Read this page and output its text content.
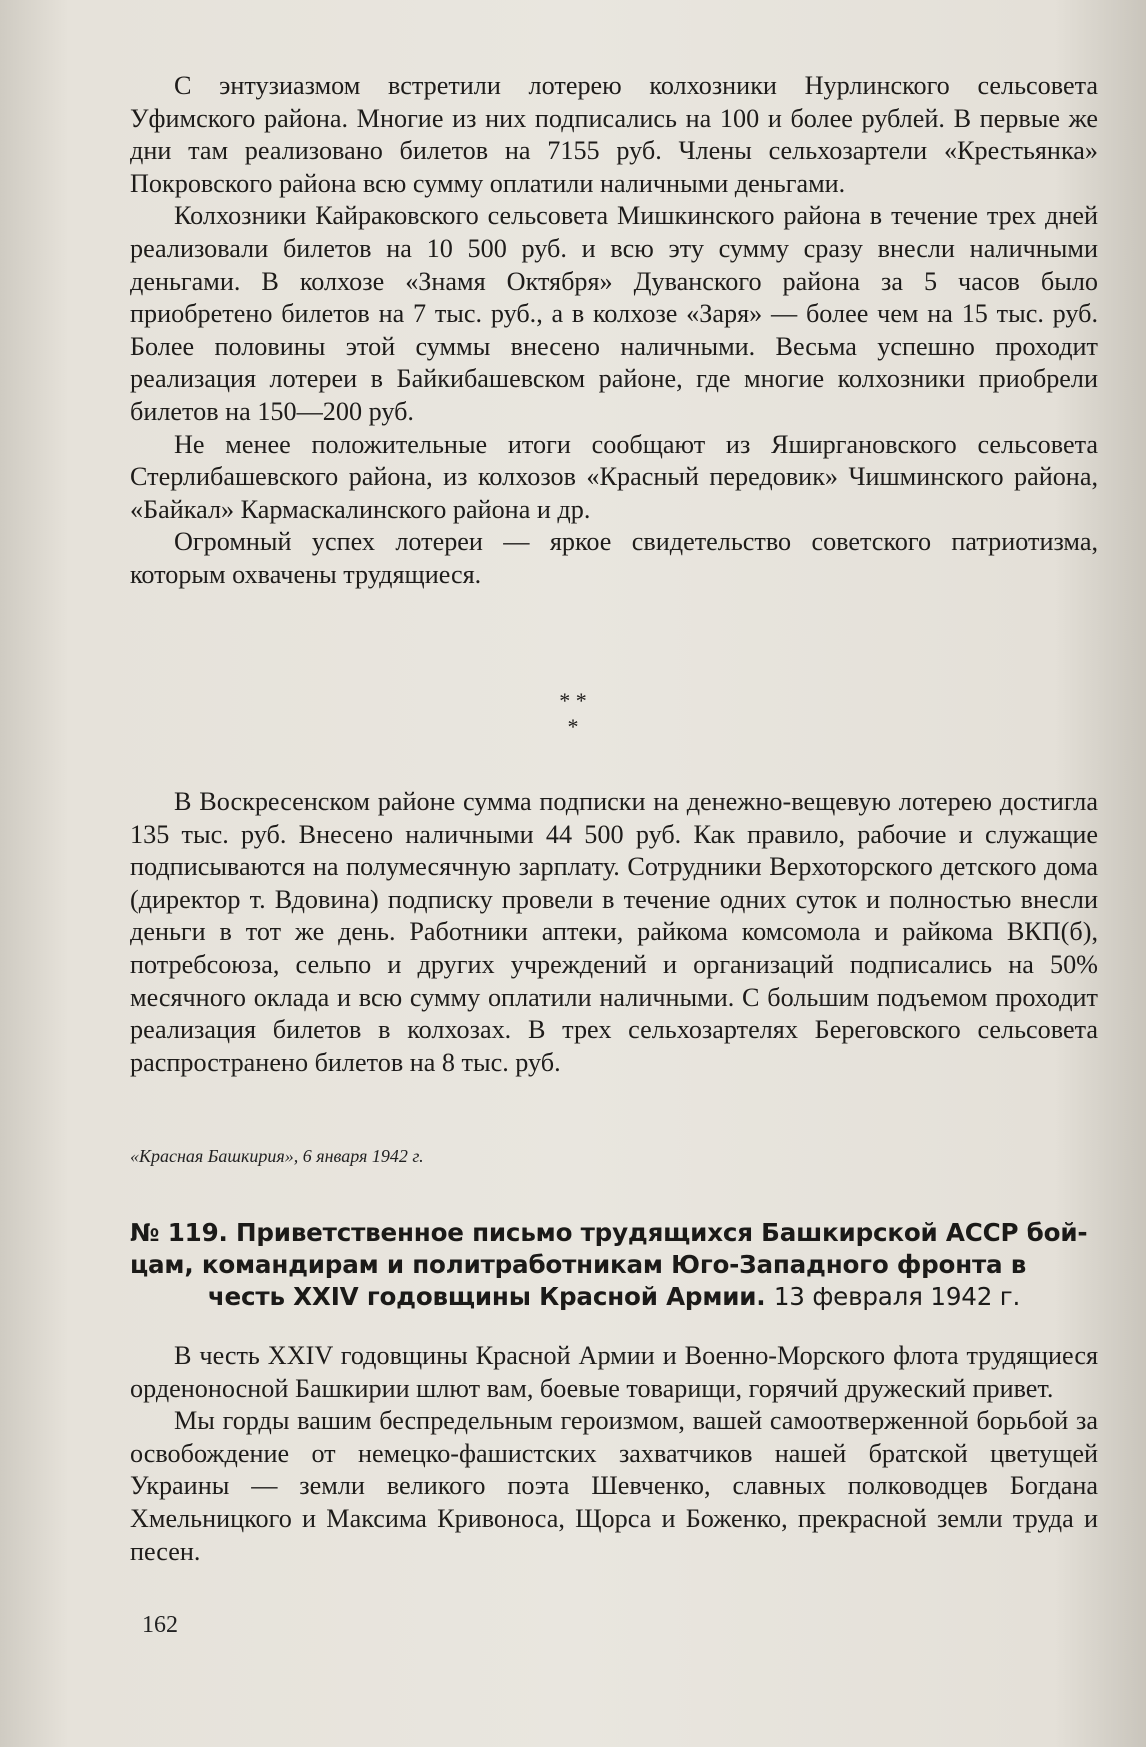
С энтузиазмом встретили лотерею колхозники Нурлинского сельсовета Уфимского района. Многие из них подписались на 100 и более рублей. В первые же дни там реализовано билетов на 7155 руб. Члены сельхозартели «Крестьянка» Покровского района всю сумму оплатили наличными деньгами.

Колхозники Кайраковского сельсовета Мишкинского района в течение трех дней реализовали билетов на 10 500 руб. и всю эту сумму сразу внесли наличными деньгами. В колхозе «Знамя Октября» Дуванского района за 5 часов было приобретено билетов на 7 тыс. руб., а в колхозе «Заря» — более чем на 15 тыс. руб. Более половины этой суммы внесено наличными. Весьма успешно проходит реализация лотереи в Байкибашевском районе, где многие колхозники приобрели билетов на 150—200 руб.

Не менее положительные итоги сообщают из Яширгановского сельсовета Стерлибашевского района, из колхозов «Красный передовик» Чишминского района, «Байкал» Кармаскалинского района и др.

Огромный успех лотереи — яркое свидетельство советского патриотизма, которым охвачены трудящиеся.

* *
*

В Воскресенском районе сумма подписки на денежно-вещевую лотерею достигла 135 тыс. руб. Внесено наличными 44 500 руб. Как правило, рабочие и служащие подписываются на полумесячную зарплату. Сотрудники Верхоторского детского дома (директор т. Вдовина) подписку провели в течение одних суток и полностью внесли деньги в тот же день. Работники аптеки, райкома комсомола и райкома ВКП(б), потребсоюза, сельпо и других учреждений и организаций подписались на 50% месячного оклада и всю сумму оплатили наличными. С большим подъемом проходит реализация билетов в колхозах. В трех сельхозартелях Береговского сельсовета распространено билетов на 8 тыс. руб.

«Красная Башкирия», 6 января 1942 г.
№ 119. Приветственное письмо трудящихся Башкирской АССР бой-
цам, командирам и политработникам Юго-Западного фронта в
честь XXIV годовщины Красной Армии. 13 февраля 1942 г.

В честь XXIV годовщины Красной Армии и Военно-Морского флота трудящиеся орденоносной Башкирии шлют вам, боевые товарищи, горячий дружеский привет.

Мы горды вашим беспредельным героизмом, вашей самоотверженной борьбой за освобождение от немецко-фашистских захватчиков нашей братской цветущей Украины — земли великого поэта Шевченко, славных полководцев Богдана Хмельницкого и Максима Кривоноса, Щорса и Боженко, прекрасной земли труда и песен.

162
